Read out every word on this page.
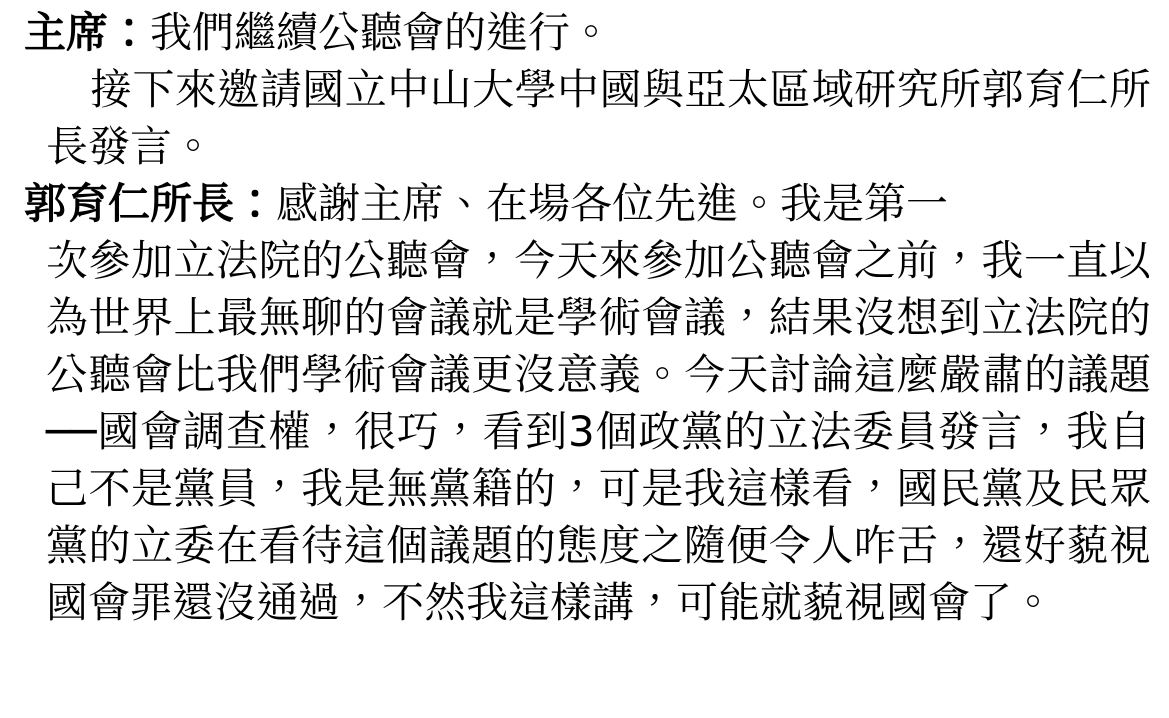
主席：我們繼續公聽會的進行。
接下來邀請國立中山大學中國與亞太區域研究所郭育仁所長發言。
郭育仁所長：感謝主席、在場各位先進。我是第一
次參加立法院的公聽會，今天來參加公聽會之前，我一直以為世界上最無聊的會議就是學術會議，結果沒想到立法院的公聽會比我們學術會議更沒意義。今天討論這麼嚴肅的議題──國會調查權，很巧，看到3個政黨的立法委員發言，我自己不是黨員，我是無黨籍的，可是我這樣看，國民黨及民眾黨的立委在看待這個議題的態度之隨便令人咋舌，還好藐視國會罪還沒通過，不然我這樣講，可能就藐視國會了。
